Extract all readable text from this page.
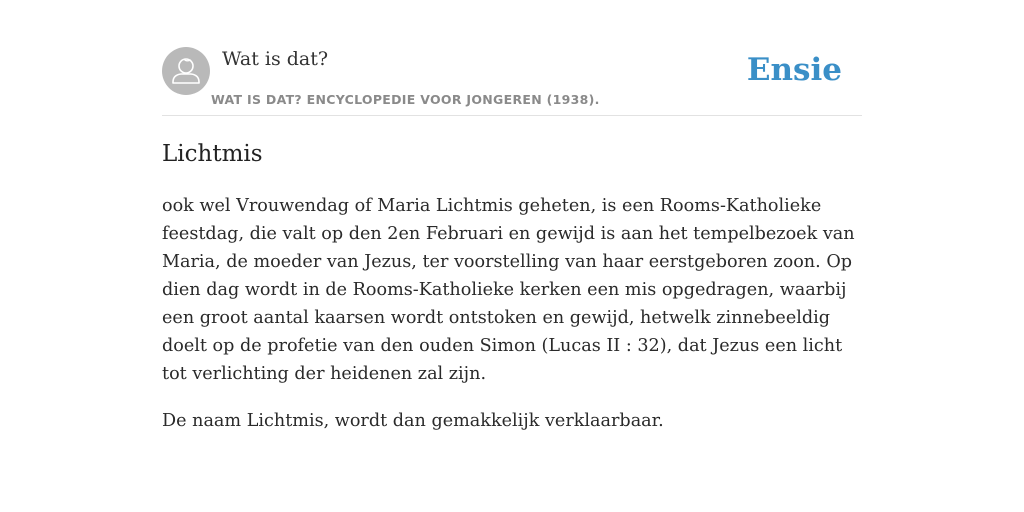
Wat is dat?
WAT IS DAT? ENCYCLOPEDIE VOOR JONGEREN (1938).
Ensie
Lichtmis

ook wel Vrouwendag of Maria Lichtmis geheten, is een Rooms-Katholieke feestdag, die valt op den 2en Februari en gewijd is aan het tempelbezoek van Maria, de moeder van Jezus, ter voorstelling van haar eerstgeboren zoon. Op dien dag wordt in de Rooms-Katholieke kerken een mis opgedragen, waarbij een groot aantal kaarsen wordt ontstoken en gewijd, hetwelk zinnebeeldig doelt op de profetie van den ouden Simon (Lucas II : 32), dat Jezus een licht tot verlichting der heidenen zal zijn.

De naam Lichtmis, wordt dan gemakkelijk verklaarbaar.
